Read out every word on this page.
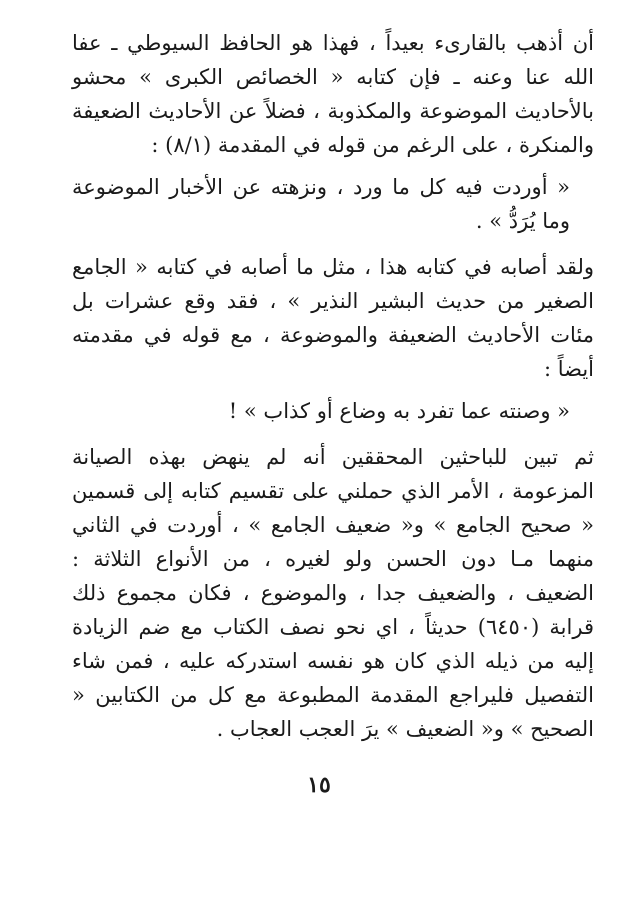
أن أذهب بالقارىء بعيداً ، فهذا هو الحافظ السيوطي ـ عفا الله عنا وعنه ـ فإن كتابه « الخصائص الكبرى » محشو بالأحاديث الموضوعة والمكذوبة ، فضلاً عن الأحاديث الضعيفة والمنكرة ، على الرغم من قوله في المقدمة (٨/١) :

« أوردت فيه كل ما ورد ، ونزهته عن الأخبار الموضوعة وما يُرَدُّ » .

ولقد أصابه في كتابه هذا ، مثل ما أصابه في كتابه « الجامع الصغير من حديث البشير النذير » ، فقد وقع عشرات بل مئات الأحاديث الضعيفة والموضوعة ، مع قوله في مقدمته أيضاً :

« وصنته عما تفرد به وضاع أو كذاب » !

ثم تبين للباحثين المحققين أنه لم ينهض بهذه الصيانة المزعومة ، الأمر الذي حملني على تقسيم كتابه إلى قسمين « صحيح الجامع » و« ضعيف الجامع » ، أوردت في الثاني منهما مـا دون الحسن ولو لغيره ، من الأنواع الثلاثة : الضعيف ، والضعيف جدا ، والموضوع ، فكان مجموع ذلك قرابة (٦٤٥٠) حديثاً ، اي نحو نصف الكتاب مع ضم الزيادة إليه من ذيله الذي كان هو نفسه استدركه عليه ، فمن شاء التفصيل فليراجع المقدمة المطبوعة مع كل من الكتابين « الصحيح » و« الضعيف » يرَ العجب العجاب .

١٥
